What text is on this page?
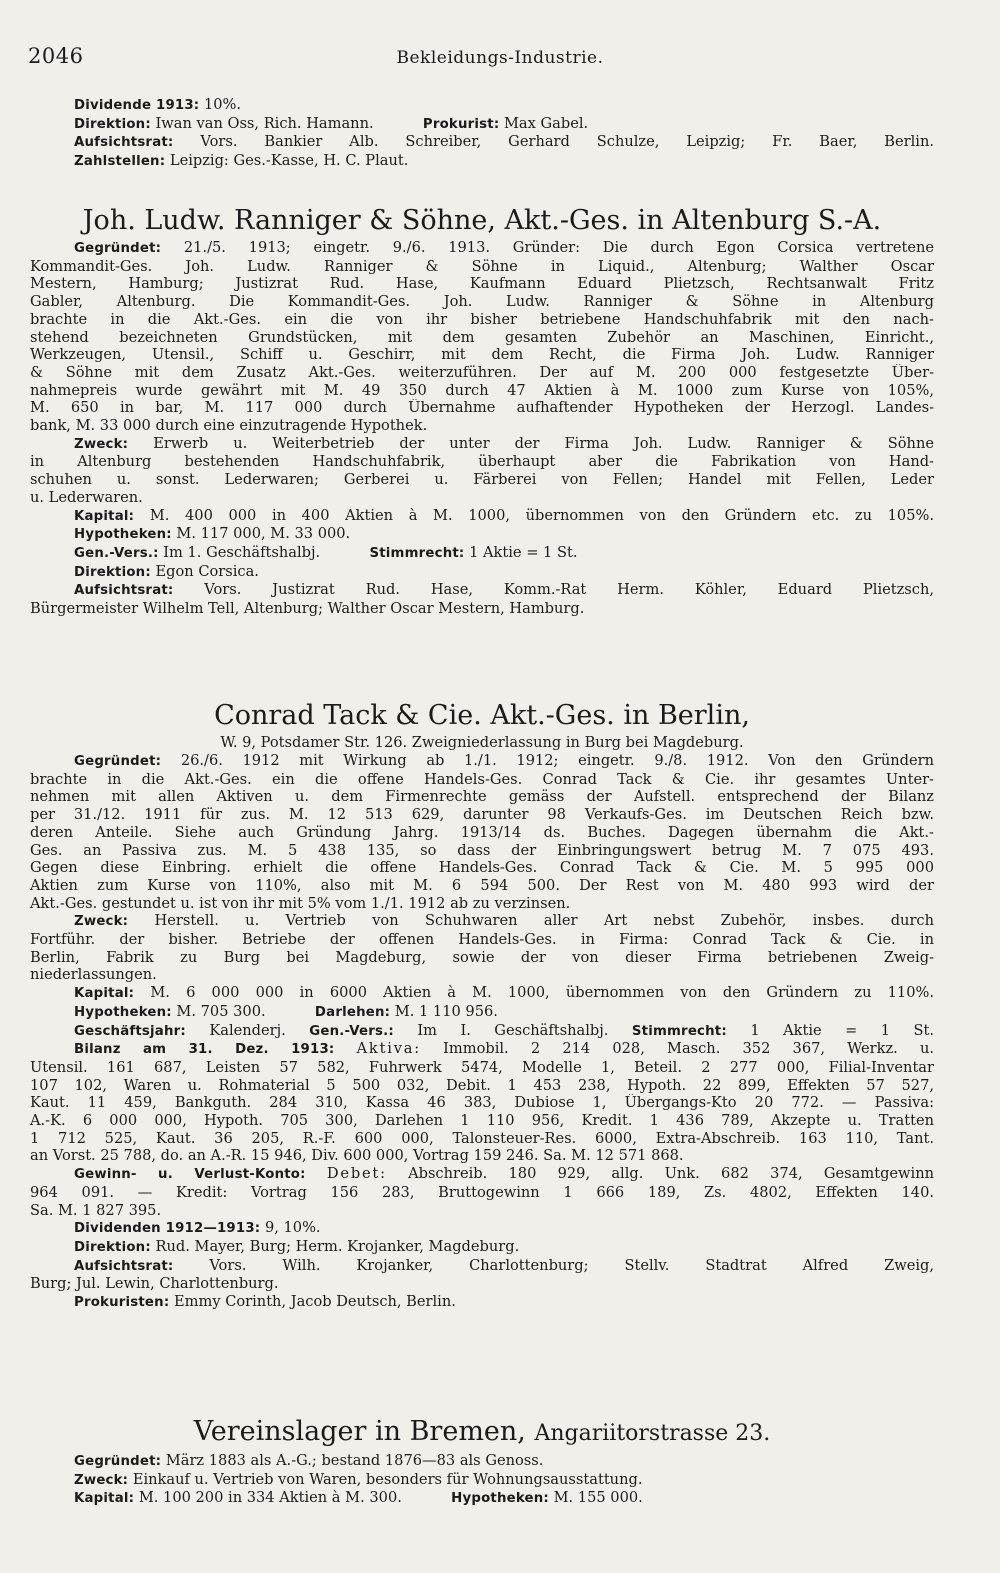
2046	Bekleidungs-Industrie.
Dividende 1913: 10%.
Direktion: Iwan van Oss, Rich. Hamann.	Prokurist: Max Gabel.
Aufsichtsrat: Vors. Bankier Alb. Schreiber, Gerhard Schulze, Leipzig; Fr. Baer, Berlin.
Zahlstellen: Leipzig: Ges.-Kasse, H. C. Plaut.
Joh. Ludw. Ranniger & Söhne, Akt.-Ges. in Altenburg S.-A.
Gegründet: 21./5. 1913; eingetr. 9./6. 1913. Gründer: Die durch Egon Corsica vertretene
Kommandit-Ges. Joh. Ludw. Ranniger & Söhne in Liquid., Altenburg; Walther Oscar
Mestern, Hamburg; Justizrat Rud. Hase, Kaufmann Eduard Plietzsch, Rechtsanwalt Fritz
Gabler, Altenburg. Die Kommandit-Ges. Joh. Ludw. Ranniger & Söhne in Altenburg
brachte in die Akt.-Ges. ein die von ihr bisher betriebene Handschuhfabrik mit den nach-
stehend bezeichneten Grundstücken, mit dem gesamten Zubehör an Maschinen, Einricht.,
Werkzeugen, Utensil., Schiff u. Geschirr, mit dem Recht, die Firma Joh. Ludw. Ranniger
& Söhne mit dem Zusatz Akt.-Ges. weiterzuführen. Der auf M. 200 000 festgesetzte Über-
nahmepreis wurde gewährt mit M. 49 350 durch 47 Aktien à M. 1000 zum Kurse von 105%,
M. 650 in bar, M. 117 000 durch Übernahme aufhaftender Hypotheken der Herzogl. Landes-
bank, M. 33 000 durch eine einzutragende Hypothek.
Zweck: Erwerb u. Weiterbetrieb der unter der Firma Joh. Ludw. Ranniger & Söhne
in Altenburg bestehenden Handschuhfabrik, überhaupt aber die Fabrikation von Hand-
schuhen u. sonst. Lederwaren; Gerberei u. Färberei von Fellen; Handel mit Fellen, Leder
u. Lederwaren.
Kapital: M. 400 000 in 400 Aktien à M. 1000, übernommen von den Gründern etc. zu 105%.
Hypotheken: M. 117 000, M. 33 000.
Gen.-Vers.: Im 1. Geschäftshalbj.	Stimmrecht: 1 Aktie = 1 St.
Direktion: Egon Corsica.
Aufsichtsrat: Vors. Justizrat Rud. Hase, Komm.-Rat Herm. Köhler, Eduard Plietzsch,
Bürgermeister Wilhelm Tell, Altenburg; Walther Oscar Mestern, Hamburg.
Conrad Tack & Cie. Akt.-Ges. in Berlin,
W. 9, Potsdamer Str. 126. Zweigniederlassung in Burg bei Magdeburg.
Gegründet: 26./6. 1912 mit Wirkung ab 1./1. 1912; eingetr. 9./8. 1912. Von den Gründern
brachte in die Akt.-Ges. ein die offene Handels-Ges. Conrad Tack & Cie. ihr gesamtes Unter-
nehmen mit allen Aktiven u. dem Firmenrechte gemäss der Aufstell. entsprechend der Bilanz
per 31./12. 1911 für zus. M. 12 513 629, darunter 98 Verkaufs-Ges. im Deutschen Reich bzw.
deren Anteile. Siehe auch Gründung Jahrg. 1913/14 ds. Buches. Dagegen übernahm die Akt.-
Ges. an Passiva zus. M. 5 438 135, so dass der Einbringungswert betrug M. 7 075 493.
Gegen diese Einbring. erhielt die offene Handels-Ges. Conrad Tack & Cie. M. 5 995 000
Aktien zum Kurse von 110%, also mit M. 6 594 500. Der Rest von M. 480 993 wird der
Akt.-Ges. gestundet u. ist von ihr mit 5% vom 1./1. 1912 ab zu verzinsen.
Zweck: Herstell. u. Vertrieb von Schuhwaren aller Art nebst Zubehör, insbes. durch
Fortführ. der bisher. Betriebe der offenen Handels-Ges. in Firma: Conrad Tack & Cie. in
Berlin, Fabrik zu Burg bei Magdeburg, sowie der von dieser Firma betriebenen Zweig-
niederlassungen.
Kapital: M. 6 000 000 in 6000 Aktien à M. 1000, übernommen von den Gründern zu 110%.
Hypotheken: M. 705 300.	Darlehen: M. 1 110 956.
Geschäftsjahr: Kalenderj. Gen.-Vers.: Im I. Geschäftshalbj. Stimmrecht: 1 Aktie = 1 St.
Bilanz am 31. Dez. 1913: Aktiva: Immobil. 2 214 028, Masch. 352 367, Werkz. u.
Utensil. 161 687, Leisten 57 582, Fuhrwerk 5474, Modelle 1, Beteil. 2 277 000, Filial-Inventar
107 102, Waren u. Rohmaterial 5 500 032, Debit. 1 453 238, Hypoth. 22 899, Effekten 57 527,
Kaut. 11 459, Bankguth. 284 310, Kassa 46 383, Dubiose 1, Übergangs-Kto 20 772. — Passiva:
A.-K. 6 000 000, Hypoth. 705 300, Darlehen 1 110 956, Kredit. 1 436 789, Akzepte u. Tratten
1 712 525, Kaut. 36 205, R.-F. 600 000, Talonsteuer-Res. 6000, Extra-Abschreib. 163 110, Tant.
an Vorst. 25 788, do. an A.-R. 15 946, Div. 600 000, Vortrag 159 246. Sa. M. 12 571 868.
Gewinn- u. Verlust-Konto: Debet: Abschreib. 180 929, allg. Unk. 682 374, Gesamtgewinn
964 091. — Kredit: Vortrag 156 283, Bruttogewinn 1 666 189, Zs. 4802, Effekten 140.
Sa. M. 1 827 395.
Dividenden 1912—1913: 9, 10%.
Direktion: Rud. Mayer, Burg; Herm. Krojanker, Magdeburg.
Aufsichtsrat: Vors. Wilh. Krojanker, Charlottenburg; Stellv. Stadtrat Alfred Zweig,
Burg; Jul. Lewin, Charlottenburg.
Prokuristen: Emmy Corinth, Jacob Deutsch, Berlin.
Vereinslager in Bremen, Angariitorstrasse 23.
Gegründet: März 1883 als A.-G.; bestand 1876—83 als Genoss.
Zweck: Einkauf u. Vertrieb von Waren, besonders für Wohnungsausstattung.
Kapital: M. 100 200 in 334 Aktien à M. 300.	Hypotheken: M. 155 000.
